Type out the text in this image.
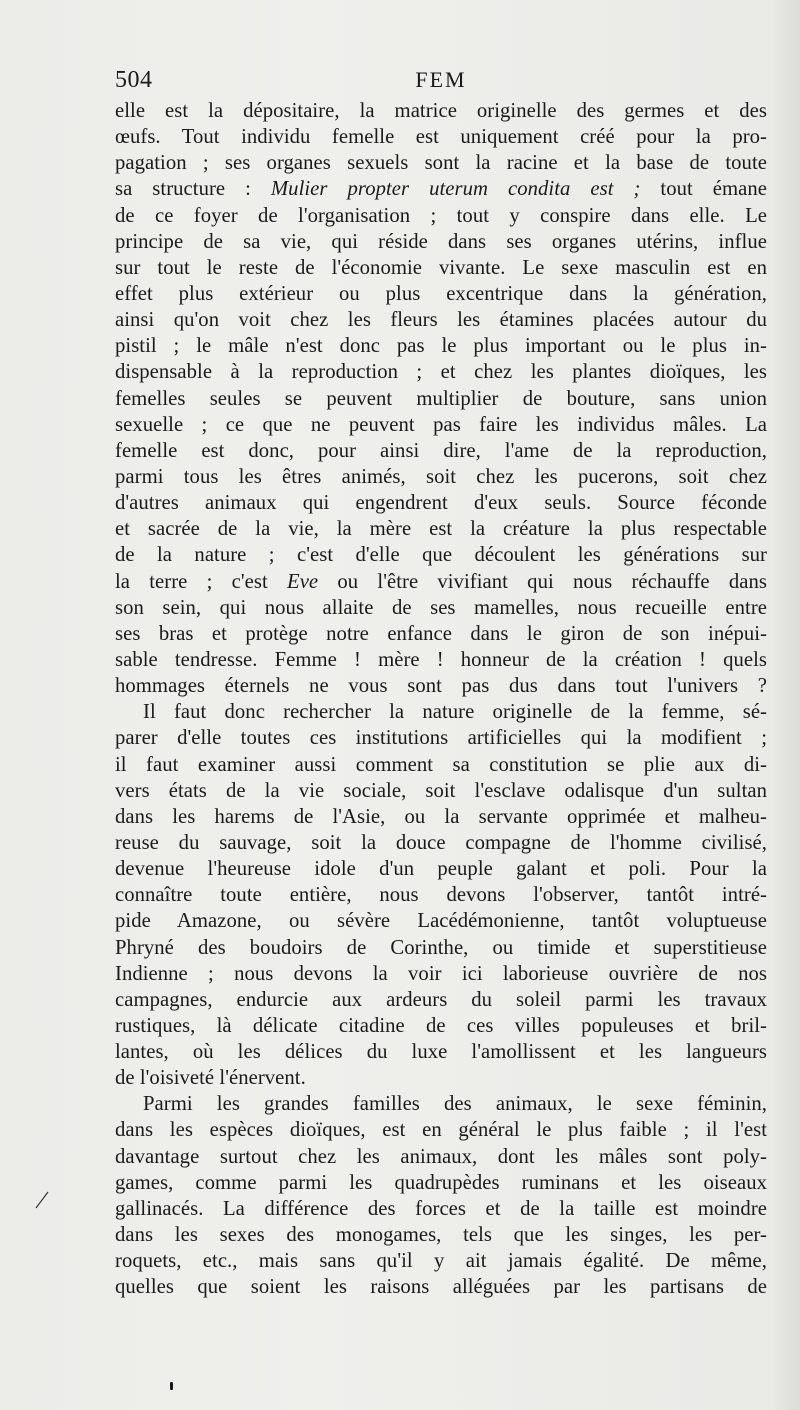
504	FEM
elle est la dépositaire, la matrice originelle des germes et des
œufs. Tout individu femelle est uniquement créé pour la pro-
pagation ; ses organes sexuels sont la racine et la base de toute
sa structure : Mulier propter uterum condita est ; tout émane
de ce foyer de l'organisation ; tout y conspire dans elle. Le
principe de sa vie, qui réside dans ses organes utérins, influe
sur tout le reste de l'économie vivante. Le sexe masculin est en
effet plus extérieur ou plus excentrique dans la génération,
ainsi qu'on voit chez les fleurs les étamines placées autour du
pistil ; le mâle n'est donc pas le plus important ou le plus in-
dispensable à la reproduction ; et chez les plantes dioïques, les
femelles seules se peuvent multiplier de bouture, sans union
sexuelle ; ce que ne peuvent pas faire les individus mâles. La
femelle est donc, pour ainsi dire, l'ame de la reproduction,
parmi tous les êtres animés, soit chez les pucerons, soit chez
d'autres animaux qui engendrent d'eux seuls. Source féconde
et sacrée de la vie, la mère est la créature la plus respectable
de la nature ; c'est d'elle que découlent les générations sur
la terre ; c'est Eve ou l'être vivifiant qui nous réchauffe dans
son sein, qui nous allaite de ses mamelles, nous recueille entre
ses bras et protège notre enfance dans le giron de son inépui-
sable tendresse. Femme ! mère ! honneur de la création ! quels
hommages éternels ne vous sont pas dus dans tout l'univers ?
Il faut donc rechercher la nature originelle de la femme, sé-
parer d'elle toutes ces institutions artificielles qui la modifient ;
il faut examiner aussi comment sa constitution se plie aux di-
vers états de la vie sociale, soit l'esclave odalisque d'un sultan
dans les harems de l'Asie, ou la servante opprimée et malheu-
reuse du sauvage, soit la douce compagne de l'homme civilisé,
devenue l'heureuse idole d'un peuple galant et poli. Pour la
connaître toute entière, nous devons l'observer, tantôt intré-
pide Amazone, ou sévère Lacédémonienne, tantôt voluptueuse
Phryné des boudoirs de Corinthe, ou timide et superstitieuse
Indienne ; nous devons la voir ici laborieuse ouvrière de nos
campagnes, endurcie aux ardeurs du soleil parmi les travaux
rustiques, là délicate citadine de ces villes populeuses et bril-
lantes, où les délices du luxe l'amollissent et les langueurs
de l'oisiveté l'énervent.
Parmi les grandes familles des animaux, le sexe féminin,
dans les espèces dioïques, est en général le plus faible ; il l'est
davantage surtout chez les animaux, dont les mâles sont poly-
games, comme parmi les quadrupèdes ruminans et les oiseaux
gallinacés. La différence des forces et de la taille est moindre
dans les sexes des monogames, tels que les singes, les per-
roquets, etc., mais sans qu'il y ait jamais égalité. De même,
quelles que soient les raisons alléguées par les partisans de
